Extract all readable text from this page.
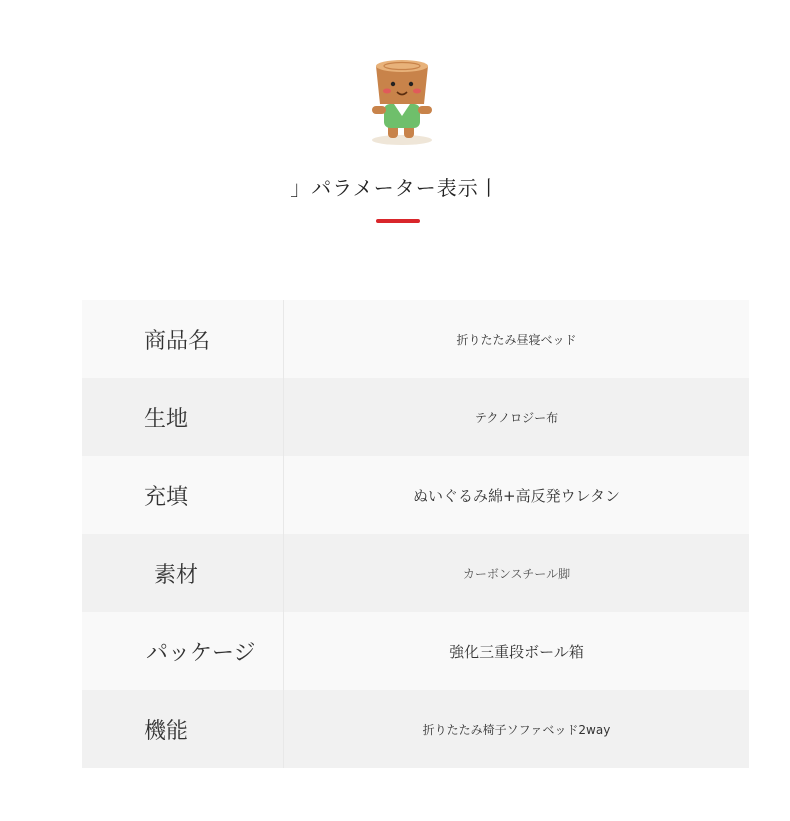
」パラメーター表示丨
商品名	折りたたみ昼寝ベッド
生地	テクノロジー布
充填	ぬいぐるみ綿+高反発ウレタン
素材	カーボンスチール脚
パッケージ	強化三重段ボール箱
機能	折りたたみ椅子ソファベッド2way
